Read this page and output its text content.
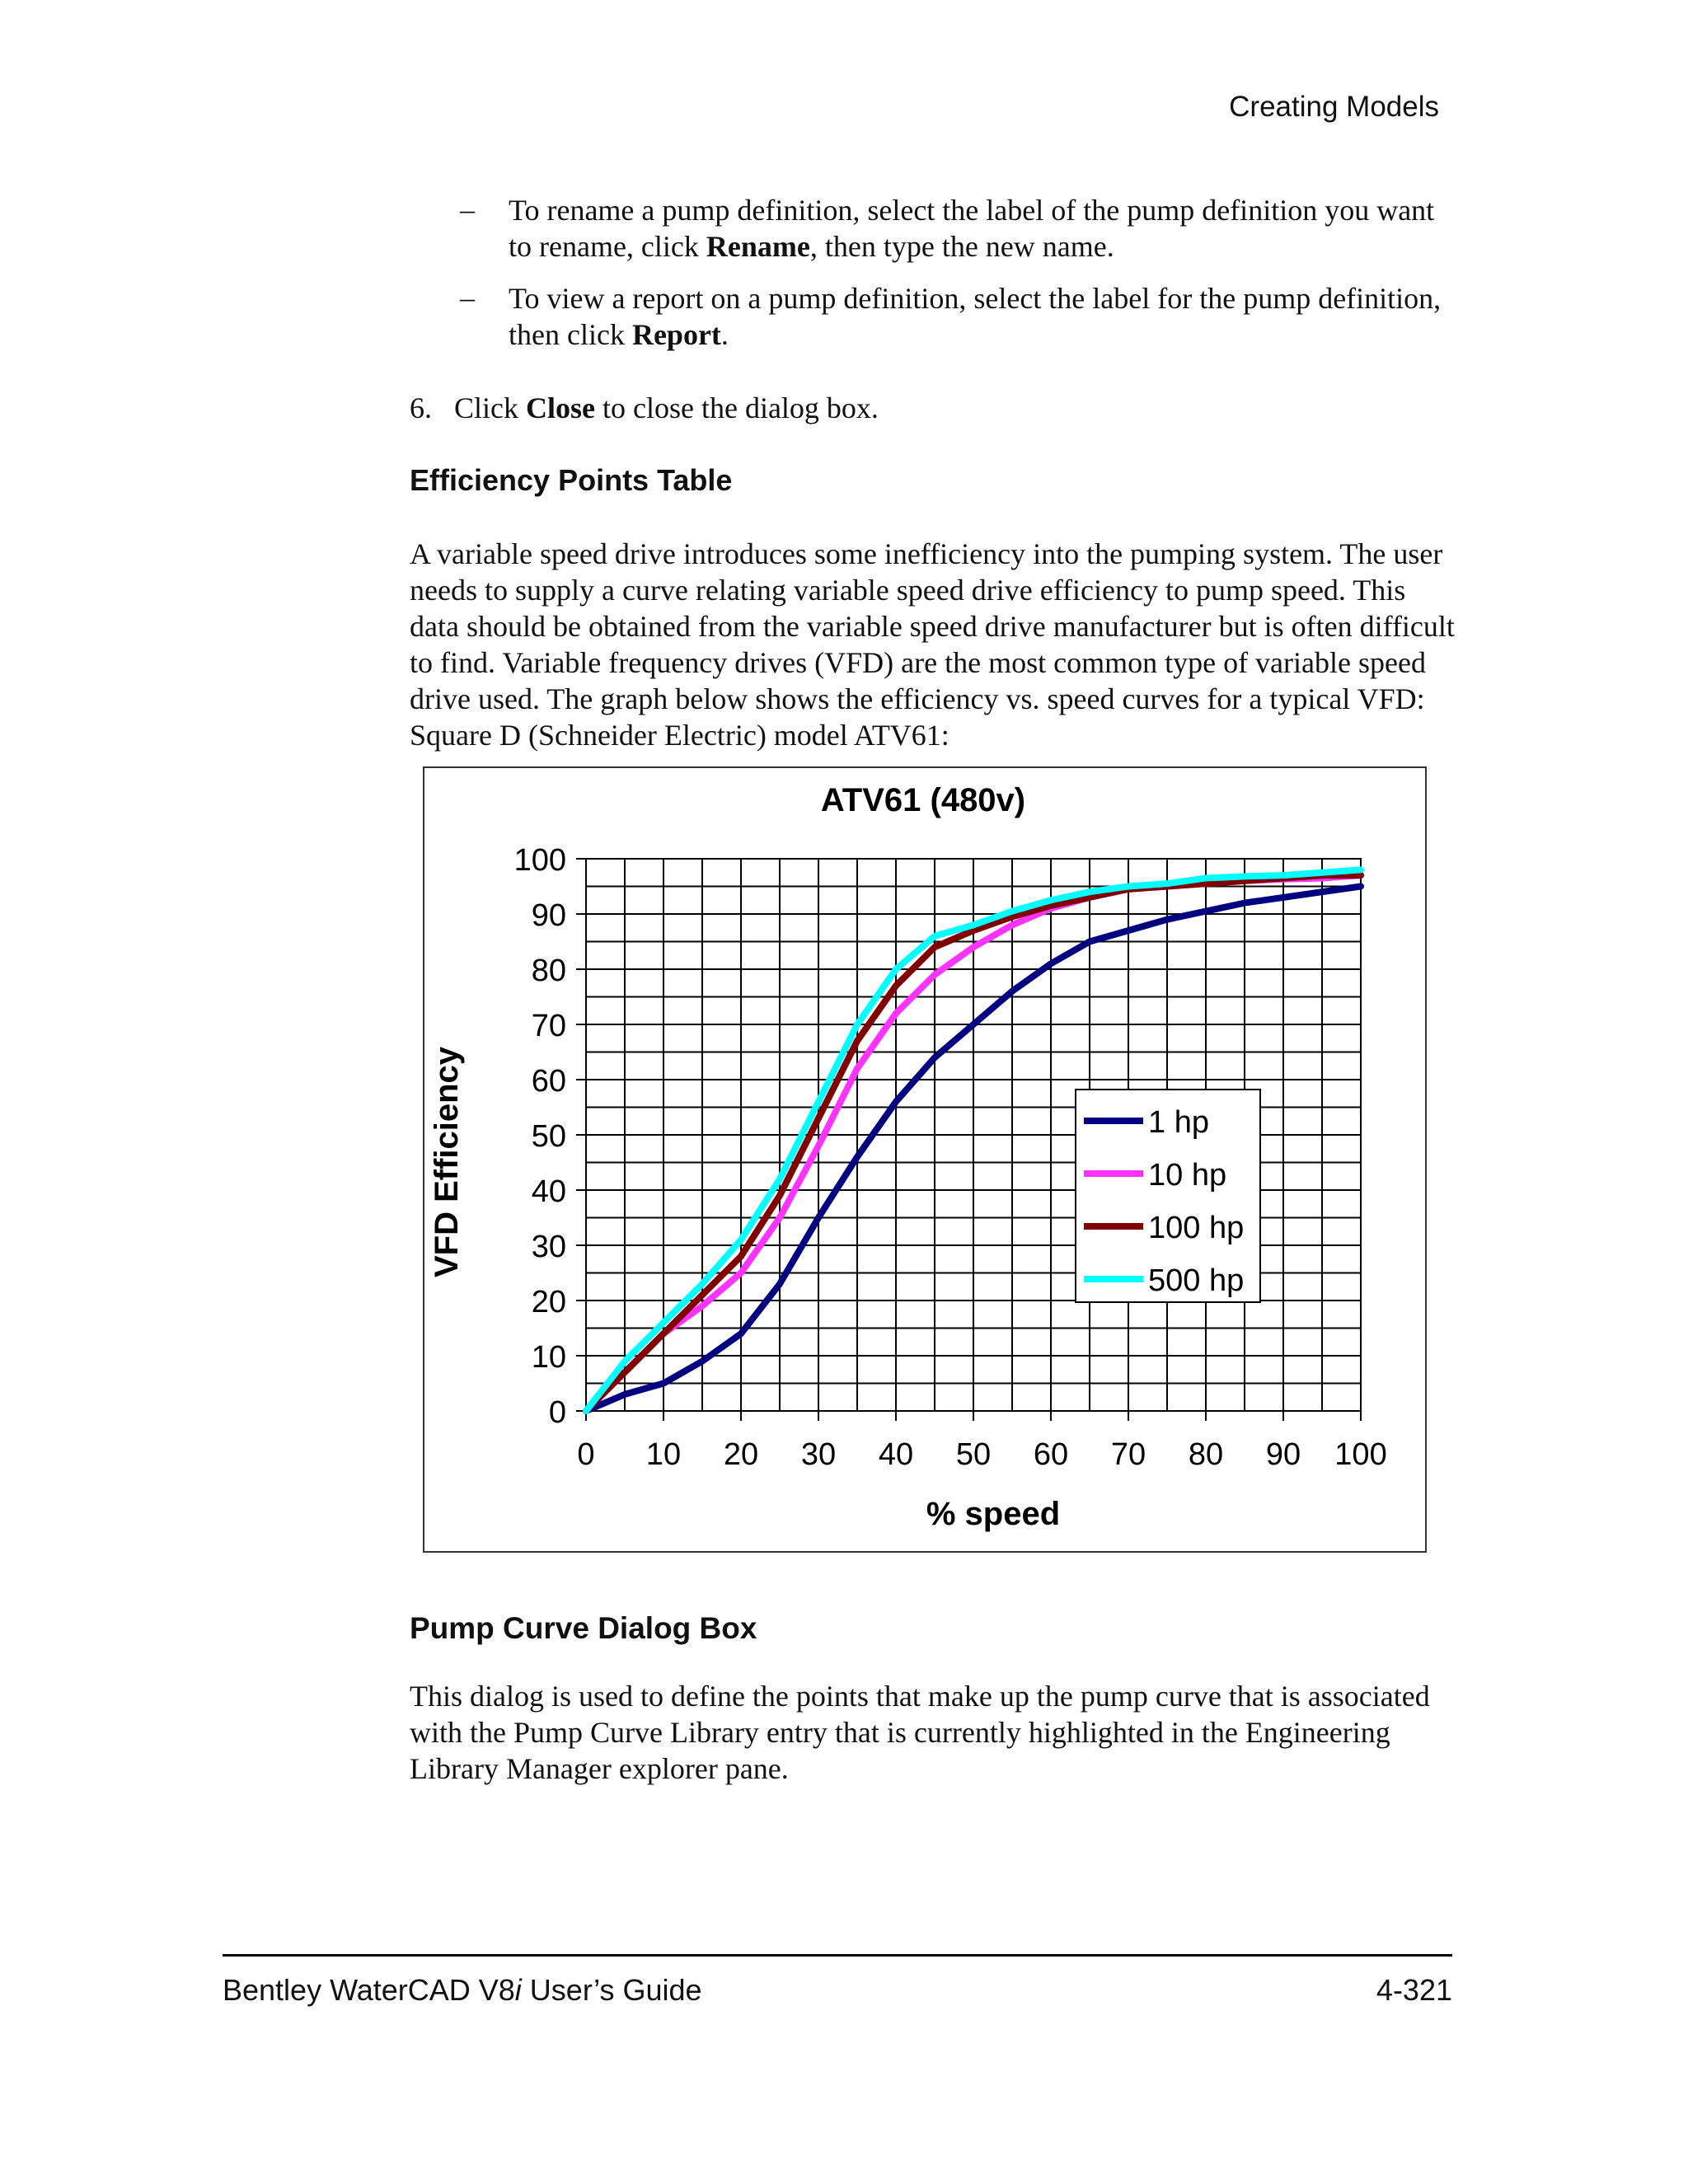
Creating Models
– To rename a pump definition, select the label of the pump definition you want to rename, click Rename, then type the new name.
– To view a report on a pump definition, select the label for the pump definition, then click Report.
6. Click Close to close the dialog box.
Efficiency Points Table
A variable speed drive introduces some inefficiency into the pumping system. The user needs to supply a curve relating variable speed drive efficiency to pump speed. This data should be obtained from the variable speed drive manufacturer but is often difficult to find. Variable frequency drives (VFD) are the most common type of variable speed drive used. The graph below shows the efficiency vs. speed curves for a typical VFD: Square D (Schneider Electric) model ATV61:
ATV61 (480v)
VFD Efficiency
% speed
0
10
20
30
40
50
60
70
80
90
100
0 10 20 30 40 50 60 70 80 90 100
1 hp
10 hp
100 hp
500 hp
Pump Curve Dialog Box
This dialog is used to define the points that make up the pump curve that is associated with the Pump Curve Library entry that is currently highlighted in the Engineering Library Manager explorer pane.
Bentley WaterCAD V8i User’s Guide	4-321
